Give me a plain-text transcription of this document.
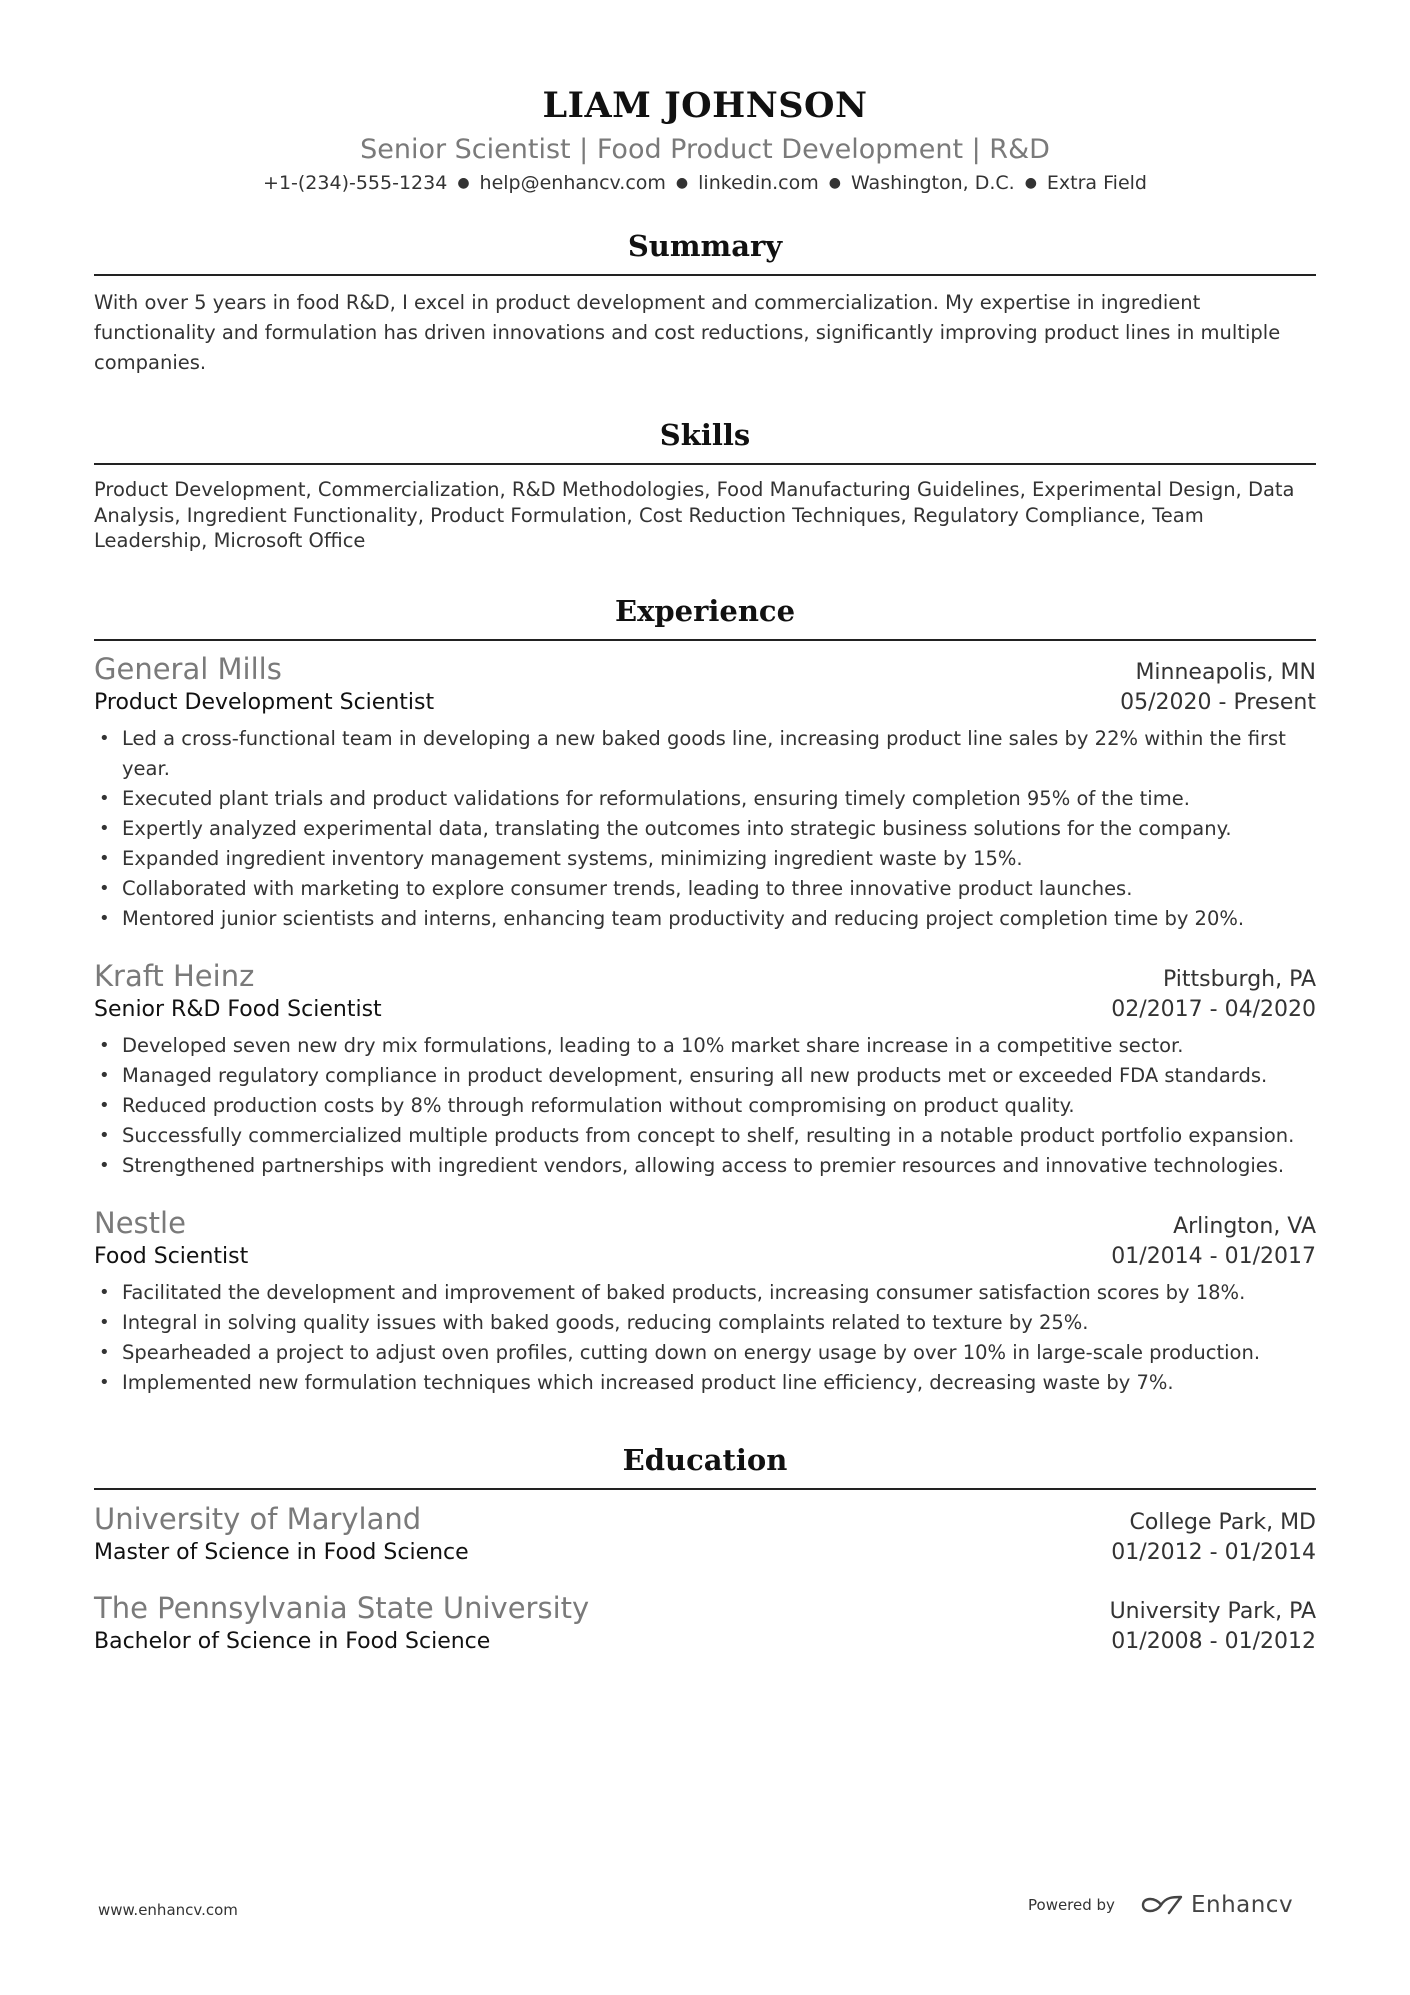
LIAM JOHNSON
Senior Scientist | Food Product Development | R&D
+1-(234)-555-1234 ● help@enhancv.com ● linkedin.com ● Washington, D.C. ● Extra Field
Summary
With over 5 years in food R&D, I excel in product development and commercialization. My expertise in ingredient functionality and formulation has driven innovations and cost reductions, significantly improving product lines in multiple companies.
Skills
Product Development, Commercialization, R&D Methodologies, Food Manufacturing Guidelines, Experimental Design, Data Analysis, Ingredient Functionality, Product Formulation, Cost Reduction Techniques, Regulatory Compliance, Team Leadership, Microsoft Office
Experience
General Mills	Minneapolis, MN
Product Development Scientist	05/2020 - Present
• Led a cross-functional team in developing a new baked goods line, increasing product line sales by 22% within the first year.
• Executed plant trials and product validations for reformulations, ensuring timely completion 95% of the time.
• Expertly analyzed experimental data, translating the outcomes into strategic business solutions for the company.
• Expanded ingredient inventory management systems, minimizing ingredient waste by 15%.
• Collaborated with marketing to explore consumer trends, leading to three innovative product launches.
• Mentored junior scientists and interns, enhancing team productivity and reducing project completion time by 20%.
Kraft Heinz	Pittsburgh, PA
Senior R&D Food Scientist	02/2017 - 04/2020
• Developed seven new dry mix formulations, leading to a 10% market share increase in a competitive sector.
• Managed regulatory compliance in product development, ensuring all new products met or exceeded FDA standards.
• Reduced production costs by 8% through reformulation without compromising on product quality.
• Successfully commercialized multiple products from concept to shelf, resulting in a notable product portfolio expansion.
• Strengthened partnerships with ingredient vendors, allowing access to premier resources and innovative technologies.
Nestle	Arlington, VA
Food Scientist	01/2014 - 01/2017
• Facilitated the development and improvement of baked products, increasing consumer satisfaction scores by 18%.
• Integral in solving quality issues with baked goods, reducing complaints related to texture by 25%.
• Spearheaded a project to adjust oven profiles, cutting down on energy usage by over 10% in large-scale production.
• Implemented new formulation techniques which increased product line efficiency, decreasing waste by 7%.
Education
University of Maryland	College Park, MD
Master of Science in Food Science	01/2012 - 01/2014
The Pennsylvania State University	University Park, PA
Bachelor of Science in Food Science	01/2008 - 01/2012
www.enhancv.com	Powered by	Enhancv
